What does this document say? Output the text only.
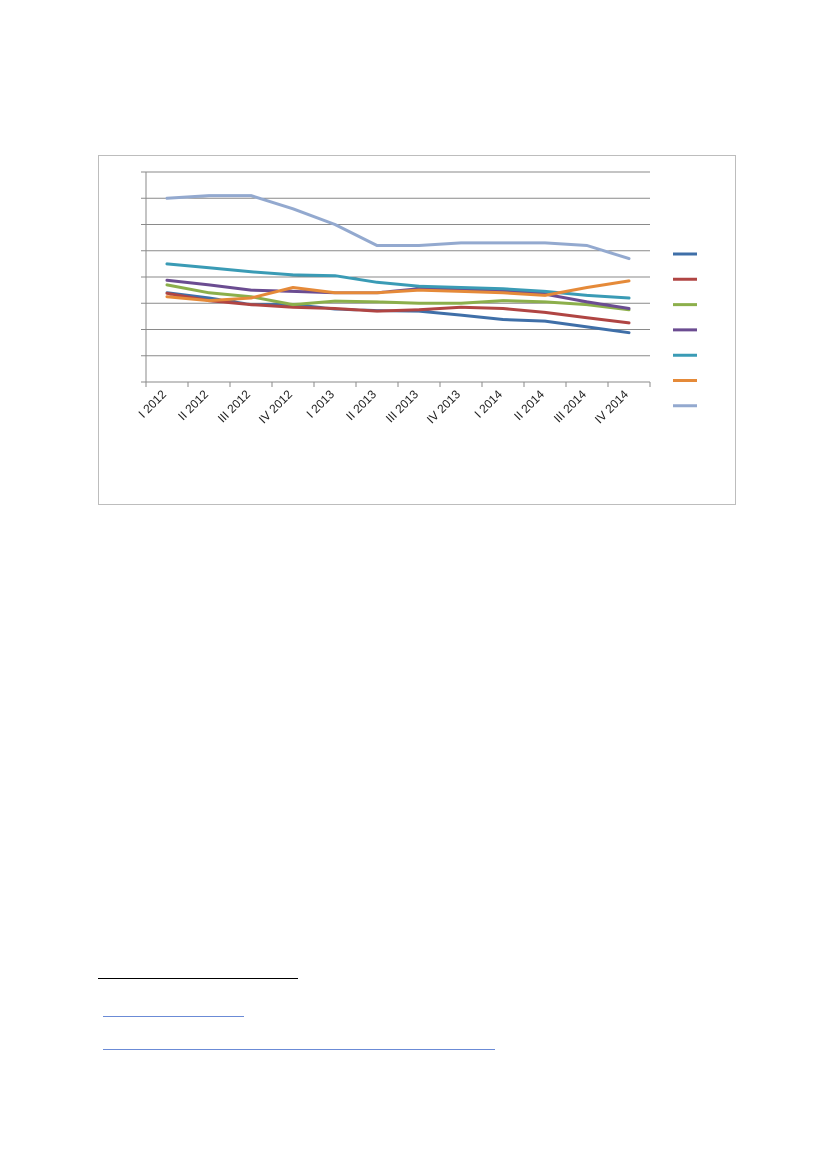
I 2012 II 2012 III 2012 IV 2012 I 2013 II 2013 III 2013 IV 2013 I 2014 II 2014 III 2014 IV 2014
